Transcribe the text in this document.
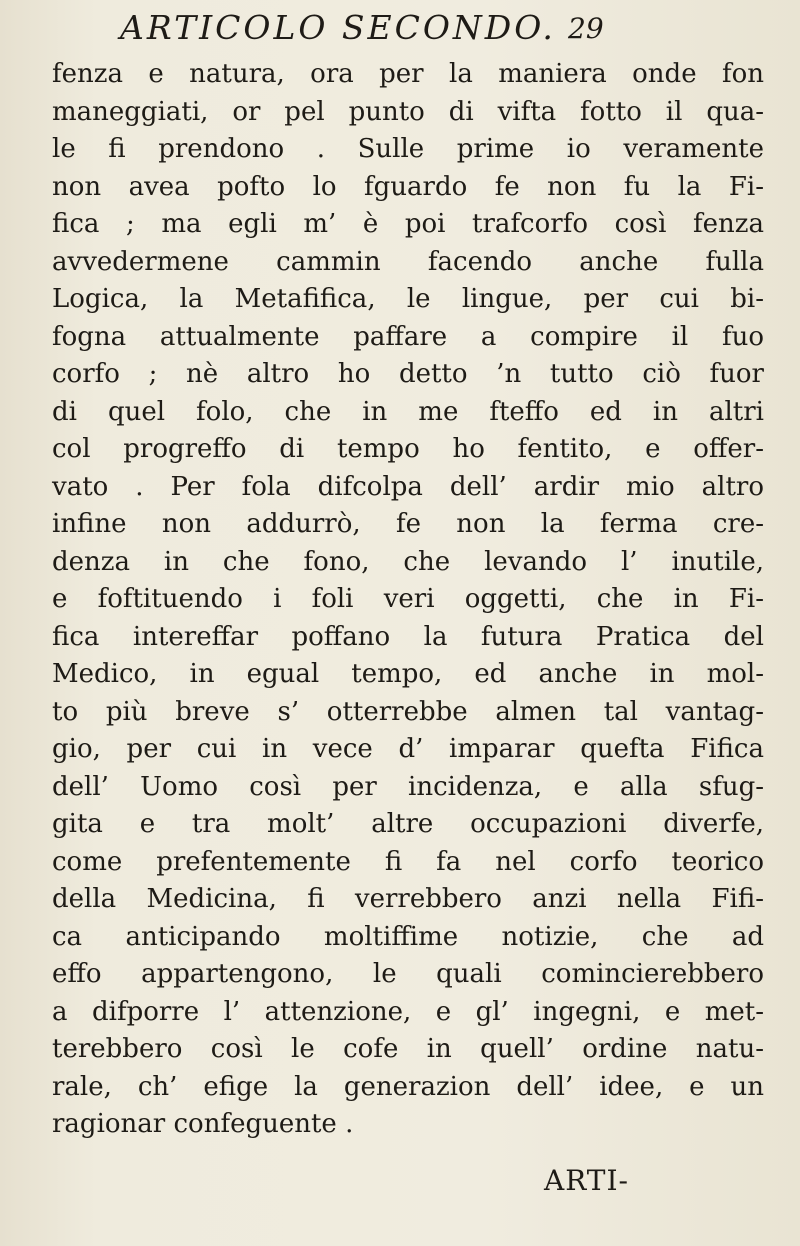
ARTICOLO SECONDO. 29
fenza e natura, ora per la maniera onde fon
maneggiati, or pel punto di vifta fotto il qua-
le fi prendono . Sulle prime io veramente
non avea pofto lo fguardo fe non fu la Fi-
fica ; ma egli m’ è poi trafcorfo così fenza
avvedermene cammin facendo anche fulla
Logica, la Metafifica, le lingue, per cui bi-
fogna attualmente paffare a compire il fuo
corfo ; nè altro ho detto ’n tutto ciò fuor
di quel folo, che in me fteffo ed in altri
col progreffo di tempo ho fentito, e offer-
vato . Per fola difcolpa dell’ ardir mio altro
infine non addurrò, fe non la ferma cre-
denza in che fono, che levando l’ inutile,
e foftituendo i foli veri oggetti, che in Fi-
fica intereffar poffano la futura Pratica del
Medico, in egual tempo, ed anche in mol-
to più breve s’ otterrebbe almen tal vantag-
gio, per cui in vece d’ imparar quefta Fifica
dell’ Uomo così per incidenza, e alla sfug-
gita e tra molt’ altre occupazioni diverfe,
come prefentemente fi fa nel corfo teorico
della Medicina, fi verrebbero anzi nella Fifi-
ca anticipando moltiffime notizie, che ad
effo appartengono, le quali comincierebbero
a difporre l’ attenzione, e gl’ ingegni, e met-
terebbero così le cofe in quell’ ordine natu-
rale, ch’ efige la generazion dell’ idee, e un
ragionar confeguente .
ARTI-
